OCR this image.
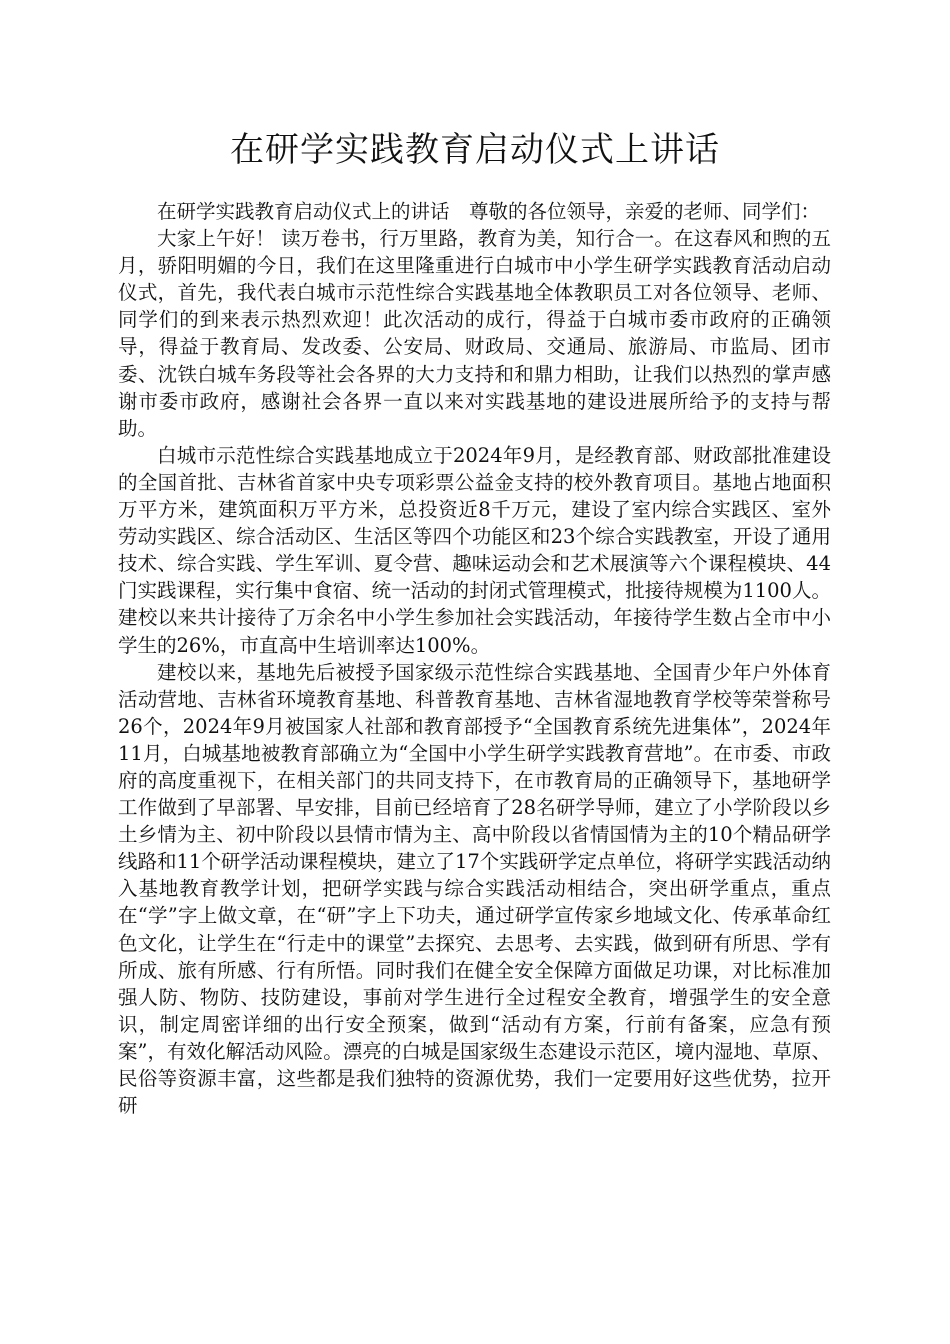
在研学实践教育启动仪式上讲话

在研学实践教育启动仪式上的讲话　尊敬的各位领导，亲爱的老师、同学们：

大家上午好！ 读万卷书，行万里路，教育为美，知行合一。在这春风和煦的五月，骄阳明媚的今日，我们在这里隆重进行白城市中小学生研学实践教育活动启动仪式，首先，我代表白城市示范性综合实践基地全体教职员工对各位领导、老师、同学们的到来表示热烈欢迎！此次活动的成行，得益于白城市委市政府的正确领导，得益于教育局、发改委、公安局、财政局、交通局、旅游局、市监局、团市委、沈铁白城车务段等社会各界的大力支持和和鼎力相助，让我们以热烈的掌声感谢市委市政府，感谢社会各界一直以来对实践基地的建设进展所给予的支持与帮助。

白城市示范性综合实践基地成立于2024年9月，是经教育部、财政部批准建设的全国首批、吉林省首家中央专项彩票公益金支持的校外教育项目。基地占地面积万平方米，建筑面积万平方米，总投资近8千万元，建设了室内综合实践区、室外劳动实践区、综合活动区、生活区等四个功能区和23个综合实践教室，开设了通用技术、综合实践、学生军训、夏令营、趣味运动会和艺术展演等六个课程模块、44门实践课程，实行集中食宿、统一活动的封闭式管理模式，批接待规模为1100人。建校以来共计接待了万余名中小学生参加社会实践活动，年接待学生数占全市中小学生的26%，市直高中生培训率达100%。

建校以来，基地先后被授予国家级示范性综合实践基地、全国青少年户外体育活动营地、吉林省环境教育基地、科普教育基地、吉林省湿地教育学校等荣誉称号26个，2024年9月被国家人社部和教育部授予“全国教育系统先进集体”，2024年11月，白城基地被教育部确立为“全国中小学生研学实践教育营地”。在市委、市政府的高度重视下，在相关部门的共同支持下，在市教育局的正确领导下，基地研学工作做到了早部署、早安排，目前已经培育了28名研学导师，建立了小学阶段以乡土乡情为主、初中阶段以县情市情为主、高中阶段以省情国情为主的10个精品研学线路和11个研学活动课程模块，建立了17个实践研学定点单位，将研学实践活动纳入基地教育教学计划，把研学实践与综合实践活动相结合，突出研学重点，重点在“学”字上做文章，在“研”字上下功夫，通过研学宣传家乡地域文化、传承革命红色文化，让学生在“行走中的课堂”去探究、去思考、去实践，做到研有所思、学有所成、旅有所感、行有所悟。同时我们在健全安全保障方面做足功课，对比标准加强人防、物防、技防建设，事前对学生进行全过程安全教育，增强学生的安全意识，制定周密详细的出行安全预案，做到“活动有方案，行前有备案，应急有预案”，有效化解活动风险。漂亮的白城是国家级生态建设示范区，境内湿地、草原、民俗等资源丰富，这些都是我们独特的资源优势，我们一定要用好这些优势，拉开研
